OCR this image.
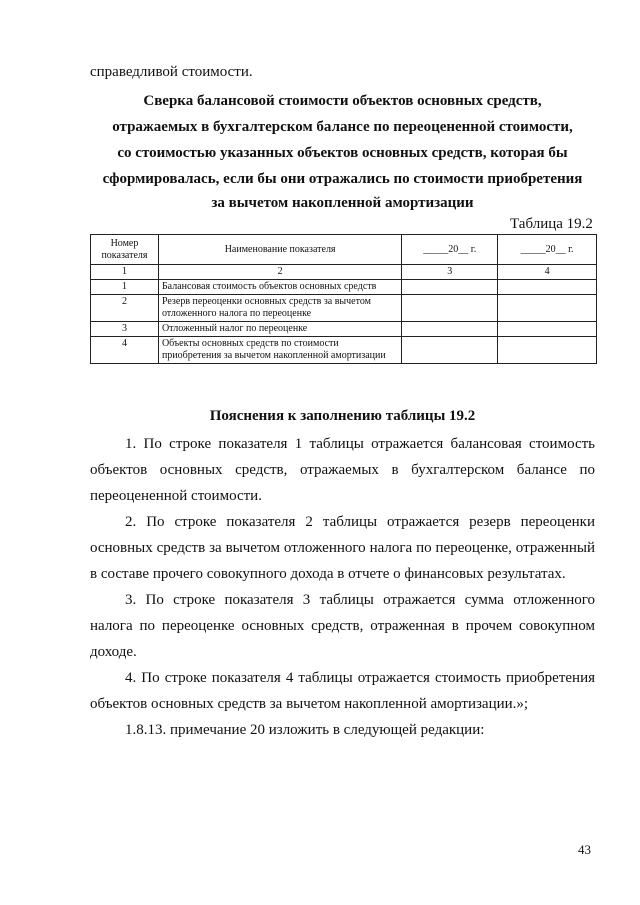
справедливой стоимости.
Сверка балансовой стоимости объектов основных средств,
отражаемых в бухгалтерском балансе по переоцененной стоимости,
со стоимостью указанных объектов основных средств, которая бы
сформировалась, если бы они отражались по стоимости приобретения
за вычетом накопленной амортизации
Таблица 19.2
Номер показателя	Наименование показателя	_____20__ г.	_____20__ г.
1	2	3	4
1	Балансовая стоимость объектов основных средств		
2	Резерв переоценки основных средств за вычетом отложенного налога по переоценке		
3	Отложенный налог по переоценке		
4	Объекты основных средств по стоимости приобретения за вычетом накопленной амортизации		
Пояснения к заполнению таблицы 19.2
1. По строке показателя 1 таблицы отражается балансовая стоимость
объектов основных средств, отражаемых в бухгалтерском балансе по
переоцененной стоимости.
2. По строке показателя 2 таблицы отражается резерв переоценки
основных средств за вычетом отложенного налога по переоценке, отраженный
в составе прочего совокупного дохода в отчете о финансовых результатах.
3. По строке показателя 3 таблицы отражается сумма отложенного
налога по переоценке основных средств, отраженная в прочем совокупном
доходе.
4. По строке показателя 4 таблицы отражается стоимость приобретения
объектов основных средств за вычетом накопленной амортизации.»;
1.8.13. примечание 20 изложить в следующей редакции:
43
